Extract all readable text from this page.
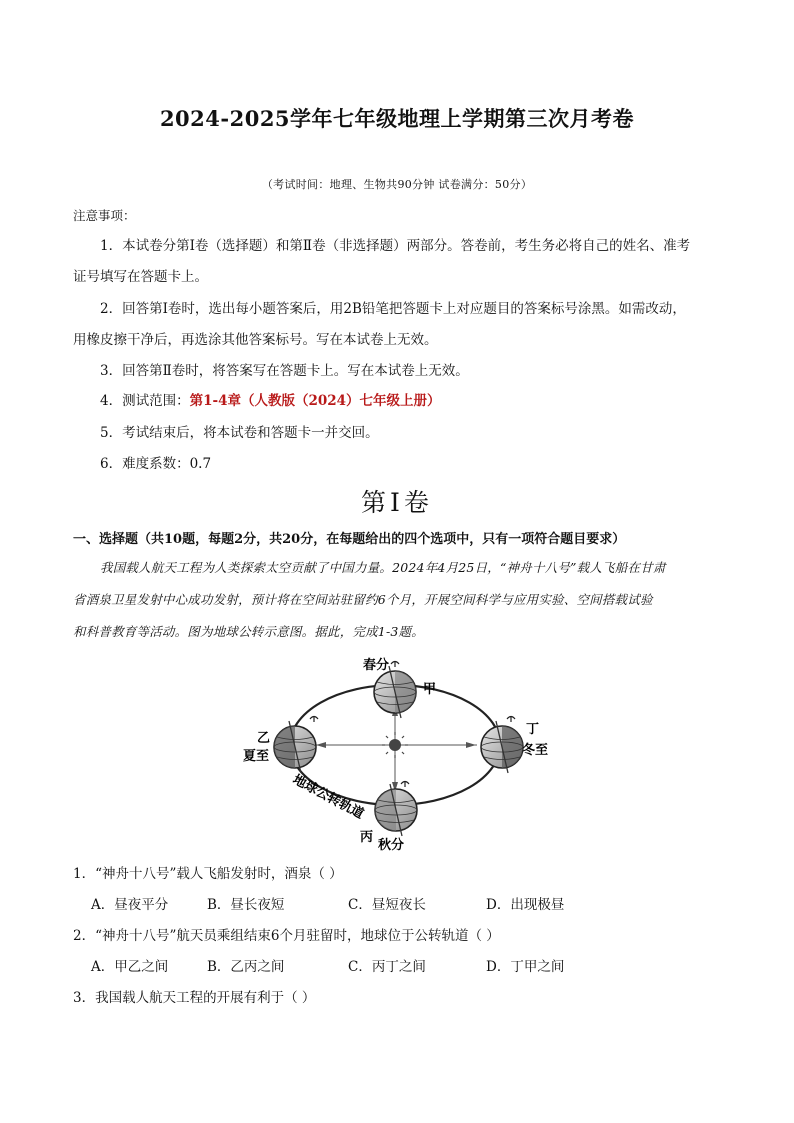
2024-2025学年七年级地理上学期第三次月考卷
（考试时间：地理、生物共90分钟 试卷满分：50分）
注意事项：
1．本试卷分第Ⅰ卷（选择题）和第Ⅱ卷（非选择题）两部分。答卷前，考生务必将自己的姓名、准考
证号填写在答题卡上。
2．回答第Ⅰ卷时，选出每小题答案后，用2B铅笔把答题卡上对应题目的答案标号涂黑。如需改动，
用橡皮擦干净后，再选涂其他答案标号。写在本试卷上无效。
3．回答第Ⅱ卷时，将答案写在答题卡上。写在本试卷上无效。
4．测试范围：第1-4章（人教版（2024）七年级上册）
5．考试结束后，将本试卷和答题卡一并交回。
6．难度系数：0.7
第Ⅰ卷
一、选择题（共10题，每题2分，共20分，在每题给出的四个选项中，只有一项符合题目要求）
我国载人航天工程为人类探索太空贡献了中国力量。2024年4月25日，“神舟十八号”载人飞船在甘肃
省酒泉卫星发射中心成功发射，预计将在空间站驻留约6个月，开展空间科学与应用实验、空间搭载试验
和科普教育等活动。图为地球公转示意图。据此，完成1-3题。
春分
甲
乙
夏至
丁
冬至
丙
秋分
地球公转轨道
1．“神舟十八号”载人飞船发射时，酒泉（ ）
A．昼夜平分	B．昼长夜短	C．昼短夜长	D．出现极昼
2．“神舟十八号”航天员乘组结束6个月驻留时，地球位于公转轨道（ ）
A．甲乙之间	B．乙丙之间	C．丙丁之间	D．丁甲之间
3．我国载人航天工程的开展有利于（ ）
